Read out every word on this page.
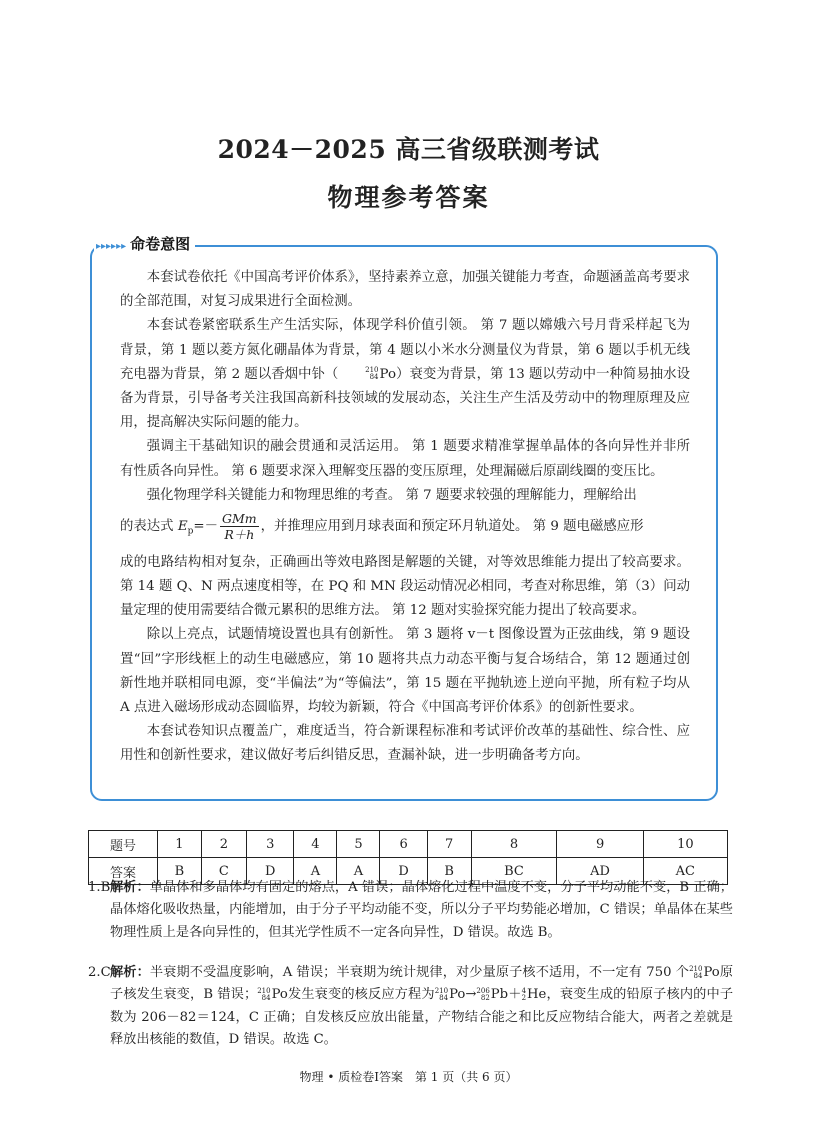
2024－2025 高三省级联测考试
物理参考答案
▸▸▸▸▸▸ 命卷意图

本套试卷依托《中国高考评价体系》，坚持素养立意，加强关键能力考查，命题涵盖高考要求的全部范围，对复习成果进行全面检测。

本套试卷紧密联系生产生活实际，体现学科价值引领。 第 7 题以嫦娥六号月背采样起飞为背景，第 1 题以菱方氮化硼晶体为背景，第 4 题以小米水分测量仪为背景，第 6 题以手机无线充电器为背景，第 2 题以香烟中钋（	210
84 Po）衰变为背景，第 13 题以劳动中一种简易抽水设备为背景，引导备考关注我国高新科技领域的发展动态，关注生产生活及劳动中的物理原理及应用，提高解决实际问题的能力。

强调主干基础知识的融会贯通和灵活运用。 第 1 题要求精准掌握单晶体的各向异性并非所有性质各向异性。 第 6 题要求深入理解变压器的变压原理，处理漏磁后原副线圈的变压比。

强化物理学科关键能力和物理思维的考查。 第 7 题要求较强的理解能力，理解给出
的表达式 $E_p=- \frac{\text{GMm}}{R+h}$ ，并推理应用到月球表面和预定环月轨道处。 第 9 题电磁感应形
成的电路结构相对复杂，正确画出等效电路图是解题的关键，对等效思维能力提出了较高要求。 第 14 题 Q、N 两点速度相等，在 PQ 和 MN 段运动情况必相同，考查对称思维，第（3）问动量定理的使用需要结合微元累积的思维方法。 第 12 题对实验探究能力提出了较高要求。

除以上亮点，试题情境设置也具有创新性。 第 3 题将 v－t 图像设置为正弦曲线，第 9 题设置“回”字形线框上的动生电磁感应，第 10 题将共点力动态平衡与复合场结合，第 12 题通过创新性地并联相同电源，变“半偏法”为“等偏法”，第 15 题在平抛轨迹上逆向平抛，所有粒子均从 A 点进入磁场形成动态圆临界，均较为新颖，符合《中国高考评价体系》的创新性要求。

本套试卷知识点覆盖广，难度适当，符合新课程标准和考试评价改革的基础性、综合性、应用性和创新性要求，建议做好考后纠错反思，查漏补缺，进一步明确备考方向。

题号	1	2	3	4	5	6	7	8	9	10
答案	B	C	D	A	A	D	B	BC	AD	AC
1.B 解析：单晶体和多晶体均有固定的熔点，A 错误；晶体熔化过程中温度不变，分子平均动能不变，B 正确；晶体熔化吸收热量，内能增加，由于分子平均动能不变，所以分子平均势能必增加，C 错误；单晶体在某些物理性质上是各向异性的，但其光学性质不一定各向异性，D 错误。故选 B。
2.C 解析：半衰期不受温度影响，A 错误；半衰期为统计规律，对少量原子核不适用，不一定有 750 个 210
84 Po原子核发生衰变，B 错误； 210
84 Po发生衰变的核反应方程为 210
84 Po→ 206
82 Pb＋ 4
2 He，衰变生成的铅原子核内的中子数为 206－82＝124，C 正确；自发核反应放出能量，产物结合能之和比反应物结合能大，两者之差就是释放出核能的数值，D 错误。故选 C。
物理 • 质检卷Ⅰ答案　第 1 页（共 6 页）
